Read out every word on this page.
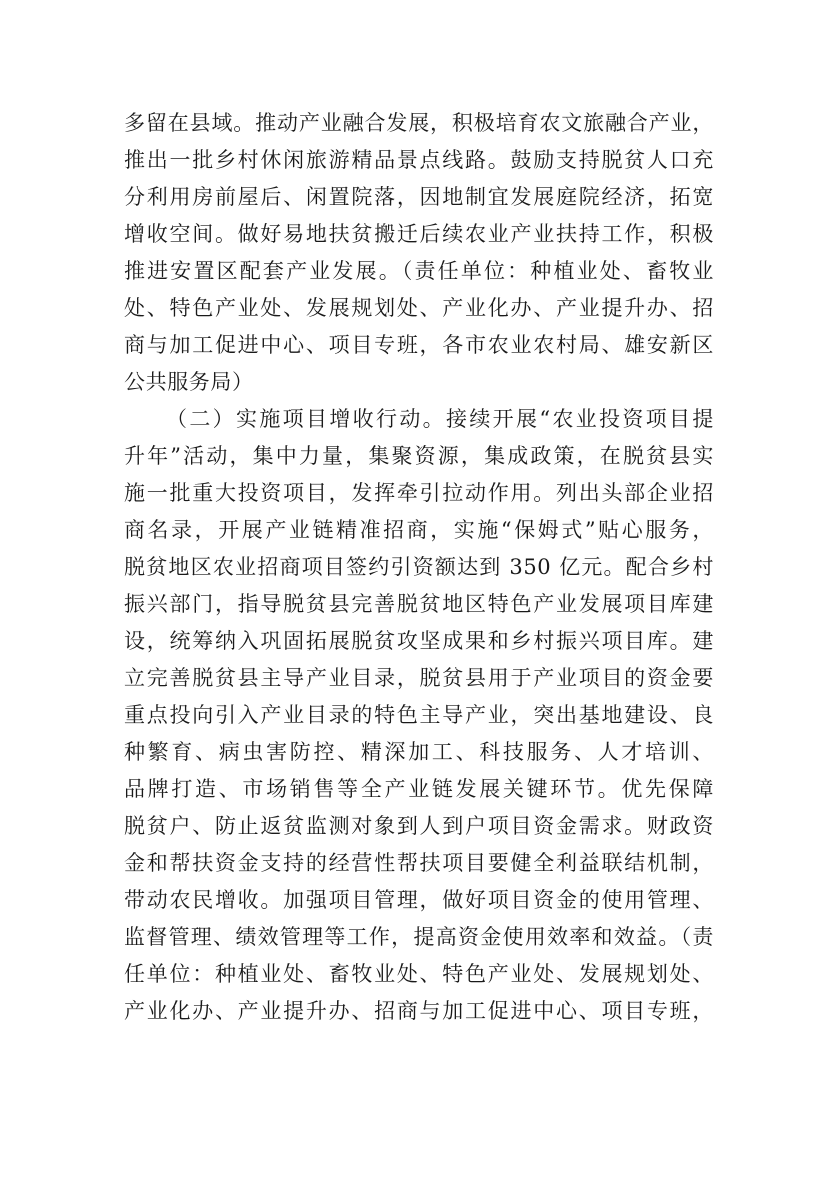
多留在县域。推动产业融合发展，积极培育农文旅融合产业，
推出一批乡村休闲旅游精品景点线路。鼓励支持脱贫人口充
分利用房前屋后、闲置院落，因地制宜发展庭院经济，拓宽
增收空间。做好易地扶贫搬迁后续农业产业扶持工作，积极
推进安置区配套产业发展。（责任单位：种植业处、畜牧业
处、特色产业处、发展规划处、产业化办、产业提升办、招
商与加工促进中心、项目专班，各市农业农村局、雄安新区
公共服务局）
（二）实施项目增收行动。接续开展“农业投资项目提
升年”活动，集中力量，集聚资源，集成政策，在脱贫县实
施一批重大投资项目，发挥牵引拉动作用。列出头部企业招
商名录，开展产业链精准招商，实施“保姆式”贴心服务，
脱贫地区农业招商项目签约引资额达到 350 亿元。配合乡村
振兴部门，指导脱贫县完善脱贫地区特色产业发展项目库建
设，统筹纳入巩固拓展脱贫攻坚成果和乡村振兴项目库。建
立完善脱贫县主导产业目录，脱贫县用于产业项目的资金要
重点投向引入产业目录的特色主导产业，突出基地建设、良
种繁育、病虫害防控、精深加工、科技服务、人才培训、
品牌打造、市场销售等全产业链发展关键环节。优先保障
脱贫户、防止返贫监测对象到人到户项目资金需求。财政资
金和帮扶资金支持的经营性帮扶项目要健全利益联结机制，
带动农民增收。加强项目管理，做好项目资金的使用管理、
监督管理、绩效管理等工作，提高资金使用效率和效益。（责
任单位：种植业处、畜牧业处、特色产业处、发展规划处、
产业化办、产业提升办、招商与加工促进中心、项目专班，
